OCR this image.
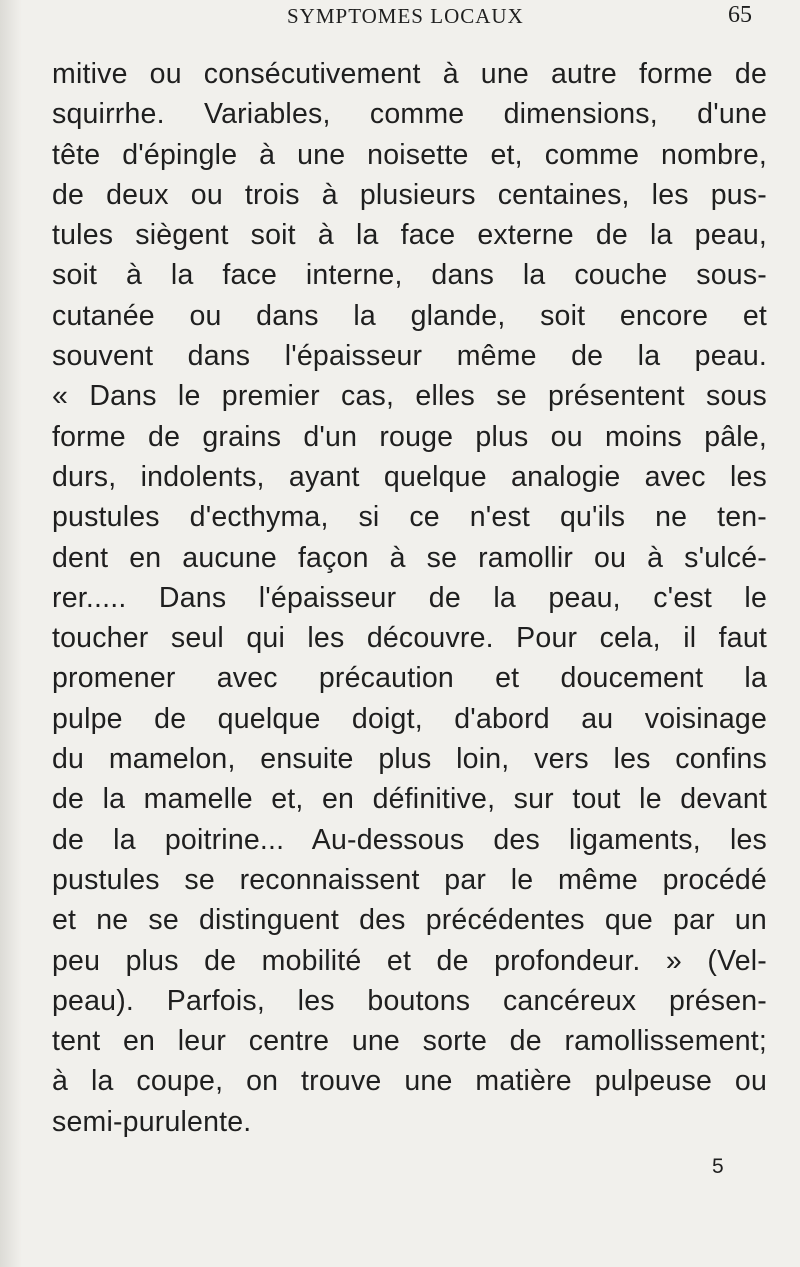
SYMPTOMES LOCAUX	65
mitive ou consécutivement à une autre forme de
squirrhe. Variables, comme dimensions, d'une
tête d'épingle à une noisette et, comme nombre,
de deux ou trois à plusieurs centaines, les pus-
tules siègent soit à la face externe de la peau,
soit à la face interne, dans la couche sous-
cutanée ou dans la glande, soit encore et
souvent dans l'épaisseur même de la peau.
« Dans le premier cas, elles se présentent sous
forme de grains d'un rouge plus ou moins pâle,
durs, indolents, ayant quelque analogie avec les
pustules d'ecthyma, si ce n'est qu'ils ne ten-
dent en aucune façon à se ramollir ou à s'ulcé-
rer..... Dans l'épaisseur de la peau, c'est le
toucher seul qui les découvre. Pour cela, il faut
promener avec précaution et doucement la
pulpe de quelque doigt, d'abord au voisinage
du mamelon, ensuite plus loin, vers les confins
de la mamelle et, en définitive, sur tout le devant
de la poitrine... Au-dessous des ligaments, les
pustules se reconnaissent par le même procédé
et ne se distinguent des précédentes que par un
peu plus de mobilité et de profondeur. » (Vel-
peau). Parfois, les boutons cancéreux présen-
tent en leur centre une sorte de ramollissement;
à la coupe, on trouve une matière pulpeuse ou
semi-purulente.
5
